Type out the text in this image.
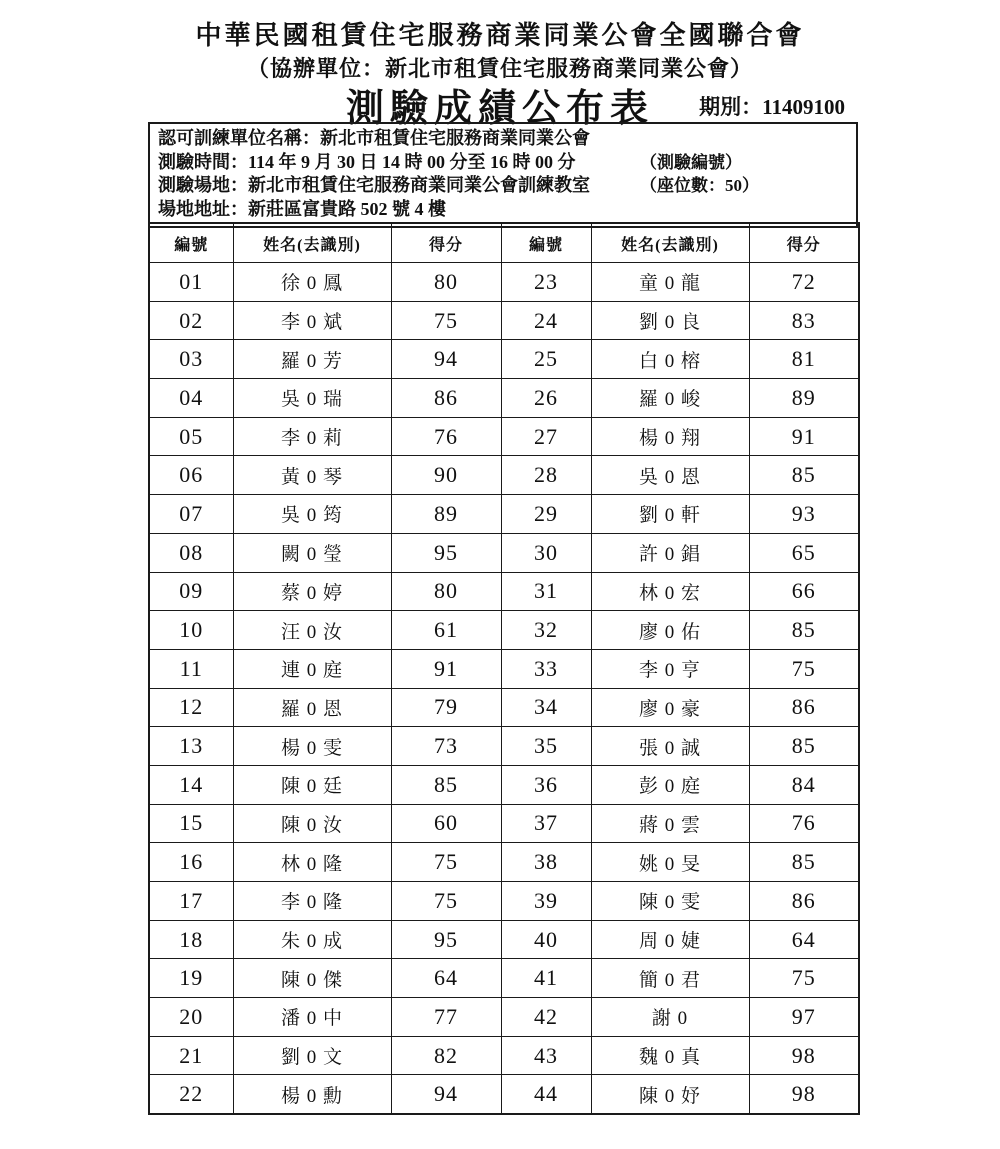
中華民國租賃住宅服務商業同業公會全國聯合會
（協辦單位：新北市租賃住宅服務商業同業公會）
測驗成績公布表	期別：11409100
認可訓練單位名稱：新北市租賃住宅服務商業同業公會
測驗時間：114 年 9 月 30 日 14 時 00 分至 16 時 00 分	（測驗編號）
測驗場地：新北市租賃住宅服務商業同業公會訓練教室	（座位數：50）
場地地址：新莊區富貴路 502 號 4 樓
編號	姓名(去識別)	得分	編號	姓名(去識別)	得分
01	徐 0 鳳	80	23	童 0 龍	72
02	李 0 斌	75	24	劉 0 良	83
03	羅 0 芳	94	25	白 0 榕	81
04	吳 0 瑞	86	26	羅 0 峻	89
05	李 0 莉	76	27	楊 0 翔	91
06	黃 0 琴	90	28	吳 0 恩	85
07	吳 0 筠	89	29	劉 0 軒	93
08	闕 0 瑩	95	30	許 0 錩	65
09	蔡 0 婷	80	31	林 0 宏	66
10	汪 0 汝	61	32	廖 0 佑	85
11	連 0 庭	91	33	李 0 亨	75
12	羅 0 恩	79	34	廖 0 豪	86
13	楊 0 雯	73	35	張 0 誠	85
14	陳 0 廷	85	36	彭 0 庭	84
15	陳 0 汝	60	37	蔣 0 雲	76
16	林 0 隆	75	38	姚 0 旻	85
17	李 0 隆	75	39	陳 0 雯	86
18	朱 0 成	95	40	周 0 婕	64
19	陳 0 傑	64	41	簡 0 君	75
20	潘 0 中	77	42	謝 0	97
21	劉 0 文	82	43	魏 0 真	98
22	楊 0 勳	94	44	陳 0 妤	98
